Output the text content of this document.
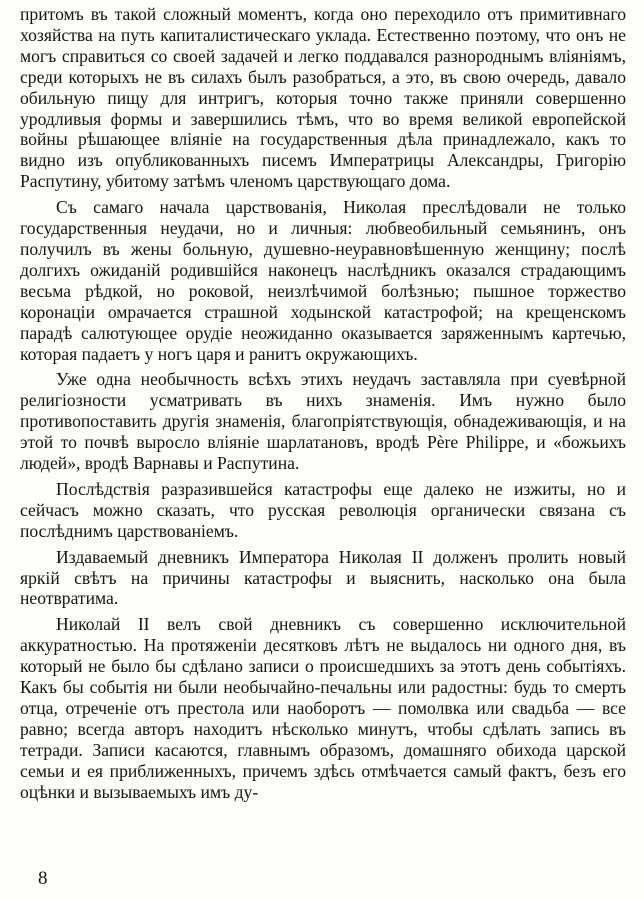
притомъ въ такой сложный моментъ, когда оно переходило отъ примитивнаго хозяйства на путь капиталистическаго уклада. Естественно поэтому, что онъ не могъ справиться со своей задачей и легко поддавался разнороднымъ вліяніямъ, среди которыхъ не въ силахъ былъ разобраться, а это, въ свою очередь, давало обильную пищу для интригъ, которыя точно также приняли совершенно уродливыя формы и завершились тѣмъ, что во время великой европейской войны рѣшающее вліяніе на государственныя дѣла принадлежало, какъ то видно изъ опубликованныхъ писемъ Императрицы Александры, Григорію Распутину, убитому затѣмъ членомъ царствующаго дома.

Съ самаго начала царствованія, Николая преслѣдовали не только государственныя неудачи, но и личныя: любвеобильный семьянинъ, онъ получилъ въ жены больную, душевно-неуравновѣшенную женщину; послѣ долгихъ ожиданій родившійся наконецъ наслѣдникъ оказался страдающимъ весьма рѣдкой, но роковой, неизлѣчимой болѣзнью; пышное торжество коронаціи омрачается страшной ходынской катастрофой; на крещенскомъ парадѣ салютующее орудіе неожиданно оказывается заряженнымъ картечью, которая падаетъ у ногъ царя и ранитъ окружающихъ.

Уже одна необычность всѣхъ этихъ неудачъ заставляла при суевѣрной религіозности усматривать въ нихъ знаменія. Имъ нужно было противопоставить другія знаменія, благопріятствующія, обнадеживающія, и на этой то почвѣ выросло вліяніе шарлатановъ, вродѣ Père Philippe, и «божьихъ людей», вродѣ Варнавы и Распутина.

Послѣдствія разразившейся катастрофы еще далеко не изжиты, но и сейчасъ можно сказать, что русская революція органически связана съ послѣднимъ царствованіемъ.

Издаваемый дневникъ Императора Николая II долженъ пролить новый яркій свѣтъ на причины катастрофы и выяснить, насколько она была неотвратима.

Николай II велъ свой дневникъ съ совершенно исключительной аккуратностью. На протяженіи десятковъ лѣтъ не выдалось ни одного дня, въ который не было бы сдѣлано записи о происшедшихъ за этотъ день событіяхъ. Какъ бы событія ни были необычайно-печальны или радостны: будь то смерть отца, отреченіе отъ престола или наоборотъ — помолвка или свадьба — все равно; всегда авторъ находитъ нѣсколько минутъ, чтобы сдѣлать запись въ тетради. Записи касаются, главнымъ образомъ, домашняго обихода царской семьи и ея приближенныхъ, причемъ здѣсь отмѣчается самый фактъ, безъ его оцѣнки и вызываемыхъ имъ ду-

8
